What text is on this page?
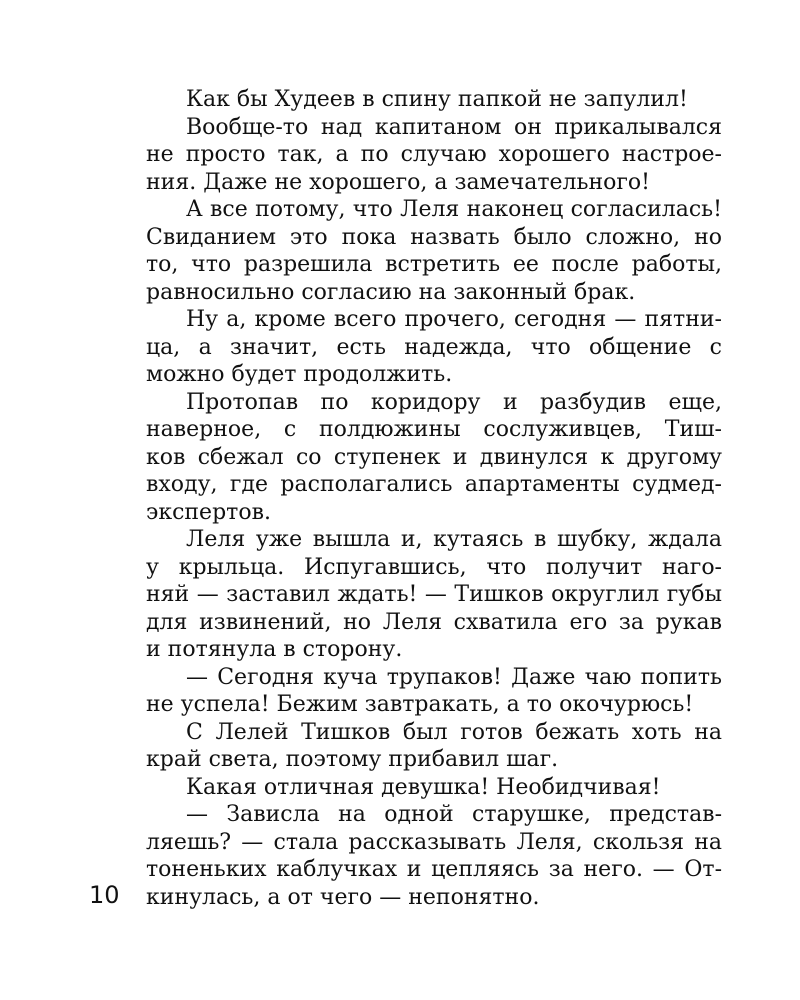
Как бы Худеев в спину папкой не запулил!
Вообще-то над капитаном он прикалывался
не просто так, а по случаю хорошего настрое-
ния. Даже не хорошего, а замечательного!
А все потому, что Леля наконец согласилась!
Свиданием это пока назвать было сложно, но
то, что разрешила встретить ее после работы,
равносильно согласию на законный брак.
Ну а, кроме всего прочего, сегодня — пятни-
ца, а значит, есть надежда, что общение с
можно будет продолжить.
Протопав по коридору и разбудив еще,
наверное, с полдюжины сослуживцев, Тиш-
ков сбежал со ступенек и двинулся к другому
входу, где располагались апартаменты судмед-
экспертов.
Леля уже вышла и, кутаясь в шубку, ждала
у крыльца. Испугавшись, что получит наго-
няй — заставил ждать! — Тишков округлил губы
для извинений, но Леля схватила его за рукав
и потянула в сторону.
— Сегодня куча трупаков! Даже чаю попить
не успела! Бежим завтракать, а то окочурюсь!
С Лелей Тишков был готов бежать хоть на
край света, поэтому прибавил шаг.
Какая отличная девушка! Необидчивая!
— Зависла на одной старушке, представ-
ляешь? — стала рассказывать Леля, скользя на
тоненьких каблучках и цепляясь за него. — От-
кинулась, а от чего — непонятно.
10
